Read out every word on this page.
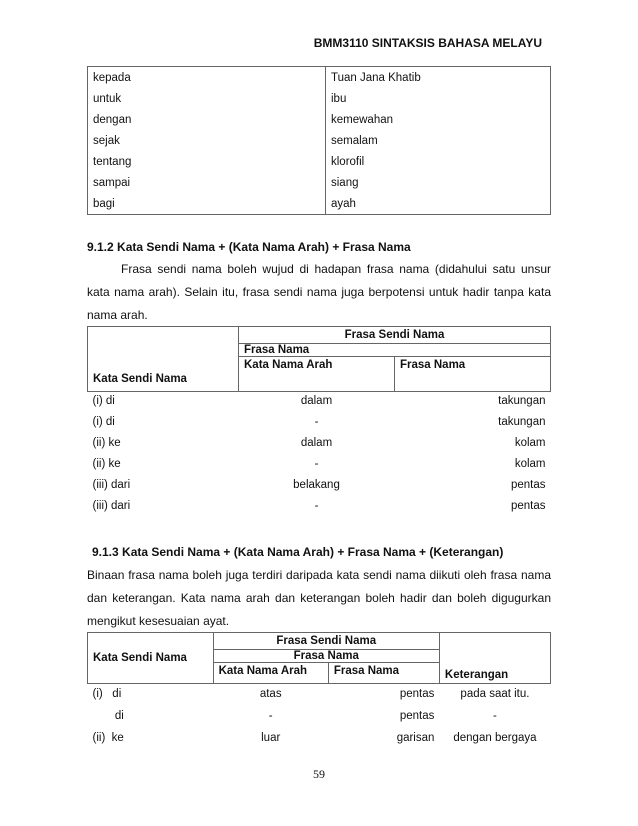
BMM3110 SINTAKSIS BAHASA MELAYU
kepada	Tuan Jana Khatib
untuk	ibu
dengan	kemewahan
sejak	semalam
tentang	klorofil
sampai	siang
bagi	ayah
9.1.2 Kata Sendi Nama + (Kata Nama Arah) + Frasa Nama

Frasa sendi nama boleh wujud di hadapan frasa nama (didahului satu unsur kata nama arah). Selain itu, frasa sendi nama juga berpotensi untuk hadir tanpa kata nama arah.

	Frasa Sendi Nama	
Kata Sendi Nama	Frasa Nama	
	Kata Nama Arah	Frasa Nama
(i) di	dalam	takungan
(i) di	-	takungan
(ii) ke	dalam	kolam
(ii) ke	-	kolam
(iii) dari	belakang	pentas
(iii) dari	-	pentas
9.1.3 Kata Sendi Nama + (Kata Nama Arah) + Frasa Nama + (Keterangan)

Binaan frasa nama boleh juga terdiri daripada kata sendi nama diikuti oleh frasa nama dan keterangan. Kata nama arah dan keterangan boleh hadir dan boleh digugurkan mengikut kesesuaian ayat.

	Frasa Sendi Nama		
Kata Sendi Nama	Frasa Nama		Keterangan
	Kata Nama Arah	Frasa Nama	
(i)   di	atas	pentas	pada saat itu.
di	-	pentas	-
(ii)  ke	luar	garisan	dengan bergaya
59
